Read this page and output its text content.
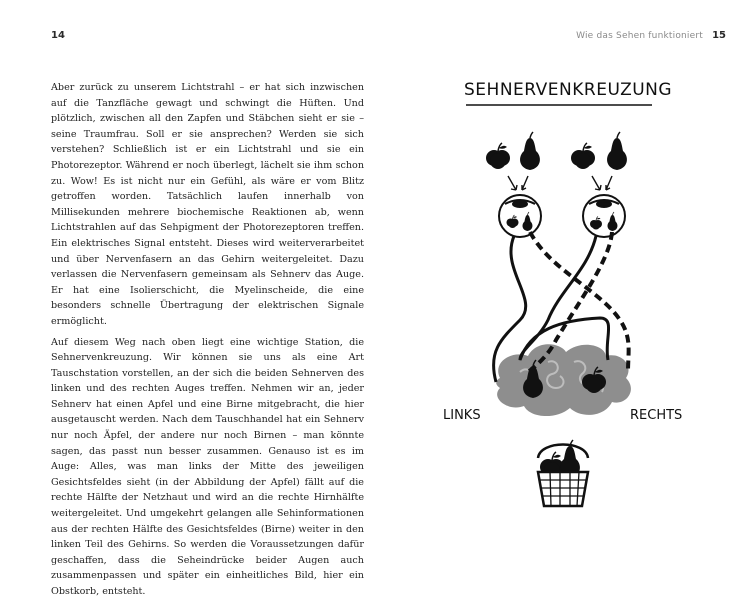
14	Wie das Sehen funktioniert 15

Aber zurück zu unserem Lichtstrahl – er hat sich inzwischen auf die Tanzfläche gewagt und schwingt die Hüften. Und plötzlich, zwischen all den Zapfen und Stäbchen sieht er sie – seine Traumfrau. Soll er sie ansprechen? Werden sie sich verstehen? Schließlich ist er ein Lichtstrahl und sie ein Photorezeptor. Während er noch überlegt, lächelt sie ihm schon zu. Wow! Es ist nicht nur ein Gefühl, als wäre er vom Blitz getroffen worden. Tatsächlich laufen innerhalb von Millisekunden mehrere biochemische Reaktionen ab, wenn Lichtstrahlen auf das Sehpigment der Photorezeptoren treffen. Ein elektrisches Signal entsteht. Dieses wird weiterverarbeitet und über Nervenfasern an das Gehirn weitergeleitet. Dazu verlassen die Nervenfasern gemeinsam als Sehnerv das Auge. Er hat eine Isolierschicht, die Myelinscheide, die eine besonders schnelle Übertragung der elektrischen Signale ermöglicht.

Auf diesem Weg nach oben liegt eine wichtige Station, die Sehnervenkreuzung. Wir können sie uns als eine Art Tauschstation vorstellen, an der sich die beiden Sehnerven des linken und des rechten Auges treffen. Nehmen wir an, jeder Sehnerv hat einen Apfel und eine Birne mitgebracht, die hier ausgetauscht werden. Nach dem Tauschhandel hat ein Sehnerv nur noch Äpfel, der andere nur noch Birnen – man könnte sagen, das passt nun besser zusammen. Genauso ist es im Auge: Alles, was man links der Mitte des jeweiligen Gesichtsfeldes sieht (in der Abbildung der Apfel) fällt auf die rechte Hälfte der Netzhaut und wird an die rechte Hirnhälfte weitergeleitet. Und umgekehrt gelangen alle Sehinformationen aus der rechten Hälfte des Gesichtsfeldes (Birne) weiter in den linken Teil des Gehirns. So werden die Voraussetzungen dafür geschaffen, dass die Seheindrücke beider Augen auch zusammenpassen und später ein einheitliches Bild, hier ein Obstkorb, entsteht.

SEHNERVENKREUZUNG
LINKS	RECHTS
